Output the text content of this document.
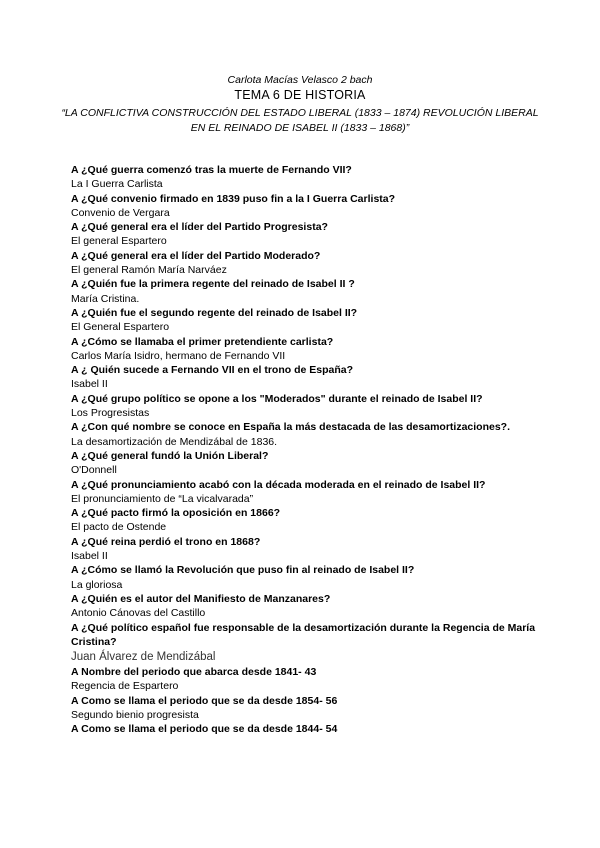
Carlota Macías Velasco 2 bach
TEMA 6 DE HISTORIA
“LA CONFLICTIVA CONSTRUCCIÓN DEL ESTADO LIBERAL (1833 – 1874) REVOLUCIÓN LIBERAL EN EL REINADO DE ISABEL II (1833 – 1868)”

A ¿Qué guerra comenzó tras la muerte de Fernando VII?

La I Guerra Carlista

A ¿Qué convenio firmado en 1839 puso fin a la I Guerra Carlista?

Convenio de Vergara

A ¿Qué general era el líder del Partido Progresista?

El general Espartero

A ¿Qué general era el líder del Partido Moderado?

El general Ramón María Narváez

A ¿Quién fue la primera regente del reinado de Isabel II ?

María Cristina.

A ¿Quién fue el segundo regente del reinado de Isabel II?

El General Espartero

A ¿Cómo se llamaba el primer pretendiente carlista?

Carlos María Isidro, hermano de Fernando VII

A ¿ Quién sucede a Fernando VII en el trono de España?

Isabel II

A ¿Qué grupo político se opone a los "Moderados" durante el reinado de Isabel II?

Los Progresistas

A ¿Con qué nombre se conoce en España la más destacada de las desamortizaciones?.

La desamortización de Mendizábal de 1836.

A ¿Qué general fundó la Unión Liberal?

O'Donnell

A ¿Qué pronunciamiento acabó con la década moderada en el reinado de Isabel II?

El pronunciamiento de “La vicalvarada”

A ¿Qué pacto firmó la oposición en 1866?

El pacto de Ostende

A ¿Qué reina perdió el trono en 1868?

Isabel II

A ¿Cómo se llamó la Revolución que puso fin al reinado de Isabel II?

La gloriosa

A ¿Quién es el autor del Manifiesto de Manzanares?

Antonio Cánovas del Castillo

A ¿Qué político español fue responsable de la desamortización durante la Regencia de María Cristina?

Juan Álvarez de Mendizábal

A Nombre del periodo que abarca desde 1841- 43

Regencia de Espartero

A Como se llama el periodo que se da desde 1854- 56

Segundo bienio progresista

A Como se llama el periodo que se da desde 1844- 54
